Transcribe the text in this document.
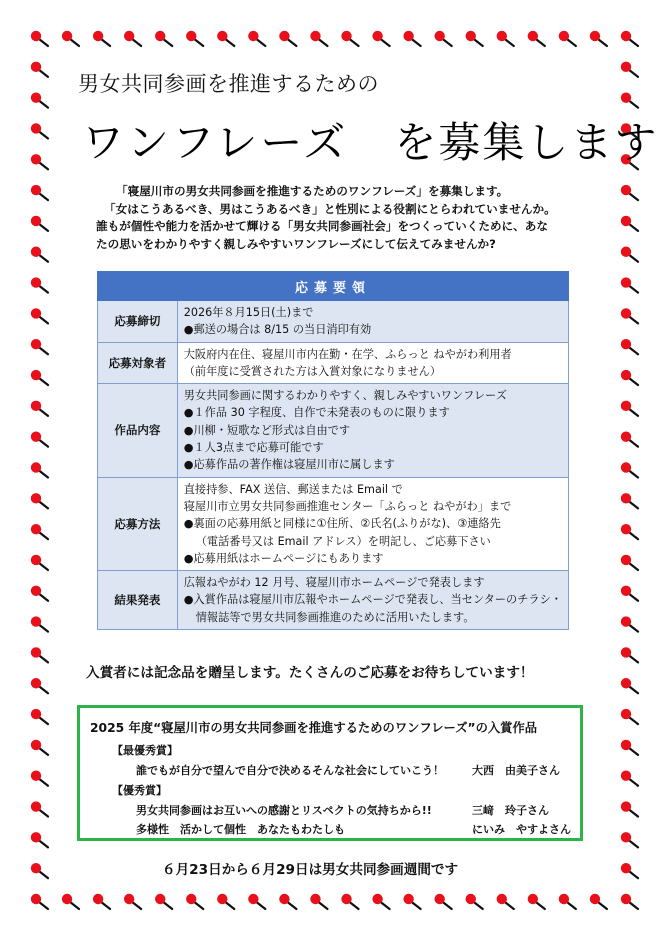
男女共同参画を推進するための
ワンフレーズ を募集します
「寝屋川市の男女共同参画を推進するためのワンフレーズ」を募集します。
「女はこうあるべき、男はこうあるべき」と性別による役割にとらわれていませんか。
誰もが個性や能力を活かせて輝ける「男女共同参画社会」をつくっていくために、あな
たの思いをわかりやすく親しみやすいワンフレーズにして伝えてみませんか?
応募要領	
応募締切	2026年８月15日(土)まで
●郵送の場合は 8/15 の当日消印有効

応募対象者	大阪府内在住、寝屋川市内在勤・在学、ふらっと ねやがわ利用者
（前年度に受賞された方は入賞対象になりません）

作品内容	男女共同参画に関するわかりやすく、親しみやすいワンフレーズ
●１作品 30 字程度、自作で未発表のものに限ります
●川柳・短歌など形式は自由です
●１人3点まで応募可能です
●応募作品の著作権は寝屋川市に属します

応募方法	直接持参、FAX 送信、郵送または Email で
寝屋川市立男女共同参画推進センター「ふらっと ねやがわ」まで
●裏面の応募用紙と同様に①住所、②氏名(ふりがな)、③連絡先
（電話番号又は Email アドレス）を明記し、ご応募下さい
●応募用紙はホームページにもあります

結果発表	広報ねやがわ 12 月号、寝屋川市ホームページで発表します
●入賞作品は寝屋川市広報やホームページで発表し、当センターのチラシ・
情報誌等で男女共同参画推進のために活用いたします。
入賞者には記念品を贈呈します。たくさんのご応募をお待ちしています！
2025 年度“寝屋川市の男女共同参画を推進するためのワンフレーズ”の入賞作品
【最優秀賞】
誰でもが自分で望んで自分で決めるそんな社会にしていこう！	大西　由美子さん
【優秀賞】
男女共同参画はお互いへの感謝とリスペクトの気持ちから!!	三﨑　玲子さん
多様性　活かして個性　あなたもわたしも	にいみ　やすよさん
６月23日から６月29日は男女共同参画週間です
